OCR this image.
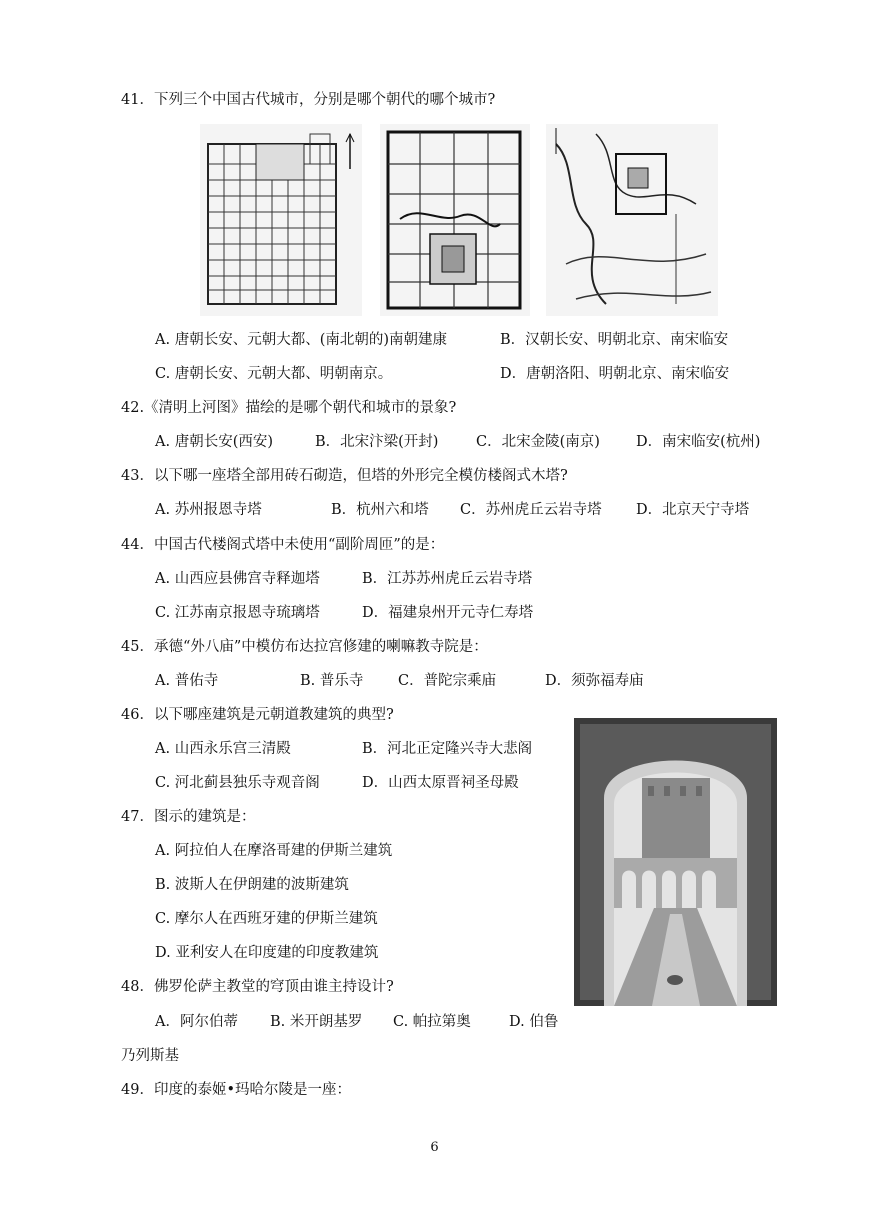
41．下列三个中国古代城市，分别是哪个朝代的哪个城市?
A. 唐朝长安、元朝大都、(南北朝的)南朝建康	B．汉朝长安、明朝北京、南宋临安
C. 唐朝长安、元朝大都、明朝南京。	D．唐朝洛阳、明朝北京、南宋临安
42.《清明上河图》描绘的是哪个朝代和城市的景象?
A. 唐朝长安(西安)	B．北宋汴梁(开封)	C．北宋金陵(南京) D．南宋临安(杭州)
43．以下哪一座塔全部用砖石砌造，但塔的外形完全模仿楼阁式木塔?
A. 苏州报恩寺塔	B．杭州六和塔 C．苏州虎丘云岩寺塔 D．北京天宁寺塔
44．中国古代楼阁式塔中未使用“副阶周匝”的是：
A. 山西应县佛宫寺释迦塔	B．江苏苏州虎丘云岩寺塔
C. 江苏南京报恩寺琉璃塔	D．福建泉州开元寺仁寿塔
45．承德“外八庙”中模仿布达拉宫修建的喇嘛教寺院是：
A. 普佑寺	B. 普乐寺 C．普陀宗乘庙	D．须弥福寿庙
46．以下哪座建筑是元朝道教建筑的典型?
A. 山西永乐宫三清殿	B．河北正定隆兴寺大悲阁
C. 河北蓟县独乐寺观音阁	D．山西太原晋祠圣母殿
47．图示的建筑是：
A. 阿拉伯人在摩洛哥建的伊斯兰建筑
B. 波斯人在伊朗建的波斯建筑
C. 摩尔人在西班牙建的伊斯兰建筑
D. 亚利安人在印度建的印度教建筑
48．佛罗伦萨主教堂的穹顶由谁主持设计?
A．阿尔伯蒂 B. 米开朗基罗 C. 帕拉第奥	D. 伯鲁
乃列斯基
49．印度的泰姬•玛哈尔陵是一座：
6
